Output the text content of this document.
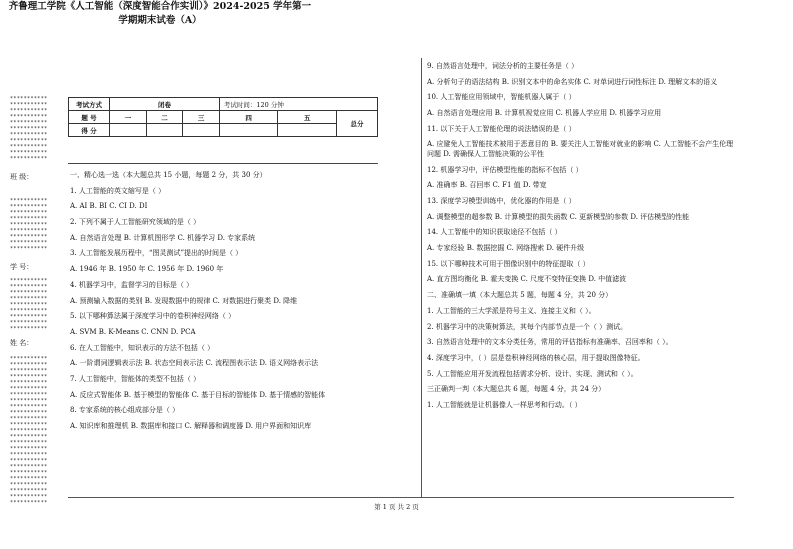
齐鲁理工学院《人工智能（深度智能合作实训）》2024-2025 学年第一
学期期末试卷（A）
***********
***********
***********
***********
***********
***********
***********
***********
***********
***********
***********
班 级：
***********
***********
***********
***********
***********
***********
***********
***********
***********
学 号：
***********
***********
***********
***********
***********
***********
***********
***********
***********
姓 名：
***********
***********
***********
***********
***********
***********
***********
***********
***********
***********
***********
***********
***********
***********
***********
***********
***********
***********
***********
***********
***********
***********
***********
***********
***********
考试方式	闭卷			考试时间：120 分钟		
题 号	一	二	三	四	五	总分
得 分						

一、精心选一选（本大题总共 15 小题，每题 2 分，共 30 分）

1. 人工智能的英文缩写是（ ）

A. AI B. BI C. CI D. DI

2. 下列不属于人工智能研究领域的是（ ）

A. 自然语言处理 B. 计算机图形学 C. 机器学习 D. 专家系统

3. 人工智能发展历程中，“图灵测试”提出的时间是（ ）

A. 1946 年 B. 1950 年 C. 1956 年 D. 1960 年

4. 机器学习中，监督学习的目标是（ ）

A. 预测输入数据的类别 B. 发现数据中的规律 C. 对数据进行聚类 D. 降维

5. 以下哪种算法属于深度学习中的卷积神经网络（ ）

A. SVM B. K-Means C. CNN D. PCA

6. 在人工智能中，知识表示的方法不包括（ ）

A. 一阶谓词逻辑表示法 B. 状态空间表示法 C. 流程图表示法 D. 语义网络表示法

7. 人工智能中，智能体的类型不包括（ ）

A. 反应式智能体 B. 基于模型的智能体 C. 基于目标的智能体 D. 基于情感的智能体

8. 专家系统的核心组成部分是（ ）

A. 知识库和推理机 B. 数据库和接口 C. 解释器和调度器 D. 用户界面和知识库

9. 自然语言处理中，词法分析的主要任务是（ ）

A. 分析句子的语法结构 B. 识别文本中的命名实体 C. 对单词进行词性标注 D. 理解文本的语义

10. 人工智能应用领域中，智能机器人属于（ ）

A. 自然语言处理应用 B. 计算机视觉应用 C. 机器人学应用 D. 机器学习应用

11. 以下关于人工智能伦理的说法错误的是（ ）

A. 应避免人工智能技术被用于恶意目的 B. 要关注人工智能对就业的影响 C. 人工智能不会产生伦理问题 D. 需确保人工智能决策的公平性

12. 机器学习中，评估模型性能的指标不包括（ ）

A. 准确率 B. 召回率 C. F1 值 D. 带宽

13. 深度学习模型训练中，优化器的作用是（ ）

A. 调整模型的超参数 B. 计算模型的损失函数 C. 更新模型的参数 D. 评估模型的性能

14. 人工智能中的知识获取途径不包括（ ）

A. 专家经验 B. 数据挖掘 C. 网络搜索 D. 硬件升级

15. 以下哪种技术可用于图像识别中的特征提取（ ）

A. 直方图均衡化 B. 霍夫变换 C. 尺度不变特征变换 D. 中值滤波

二、准确填一填（本大题总共 5 题，每题 4 分，共 20 分）

1. 人工智能的三大学派是符号主义、连接主义和（ ）。

2. 机器学习中的决策树算法，其每个内部节点是一个（ ）测试。

3. 自然语言处理中的文本分类任务，常用的评估指标有准确率、召回率和（ ）。

4. 深度学习中，（ ）层是卷积神经网络的核心层，用于提取图像特征。

5. 人工智能应用开发流程包括需求分析、设计、实现、测试和（ ）。

三正确判一判（本大题总共 6 题，每题 4 分，共 24 分）

1. 人工智能就是让机器像人一样思考和行动。（ ）

第 1 页 共 2 页
